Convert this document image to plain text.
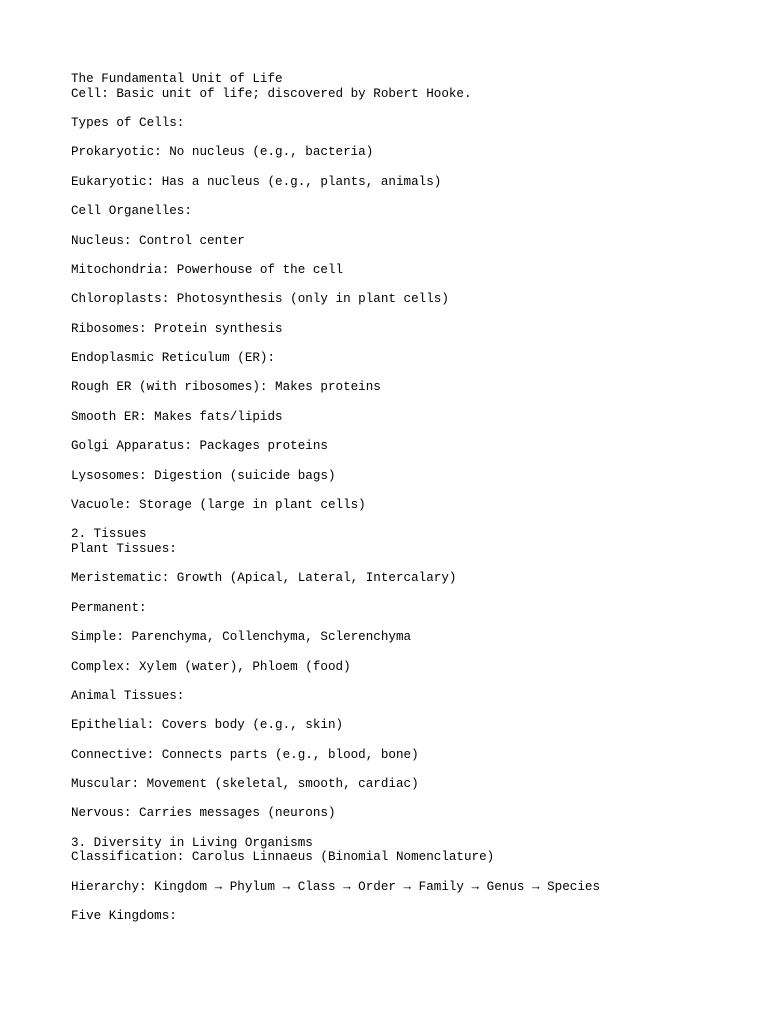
The Fundamental Unit of Life
Cell: Basic unit of life; discovered by Robert Hooke.
Types of Cells:
Prokaryotic: No nucleus (e.g., bacteria)
Eukaryotic: Has a nucleus (e.g., plants, animals)
Cell Organelles:
Nucleus: Control center
Mitochondria: Powerhouse of the cell
Chloroplasts: Photosynthesis (only in plant cells)
Ribosomes: Protein synthesis
Endoplasmic Reticulum (ER):
Rough ER (with ribosomes): Makes proteins
Smooth ER: Makes fats/lipids
Golgi Apparatus: Packages proteins
Lysosomes: Digestion (suicide bags)
Vacuole: Storage (large in plant cells)
2. Tissues
Plant Tissues:
Meristematic: Growth (Apical, Lateral, Intercalary)
Permanent:
Simple: Parenchyma, Collenchyma, Sclerenchyma
Complex: Xylem (water), Phloem (food)
Animal Tissues:
Epithelial: Covers body (e.g., skin)
Connective: Connects parts (e.g., blood, bone)
Muscular: Movement (skeletal, smooth, cardiac)
Nervous: Carries messages (neurons)
3. Diversity in Living Organisms
Classification: Carolus Linnaeus (Binomial Nomenclature)
Hierarchy: Kingdom → Phylum → Class → Order → Family → Genus → Species
Five Kingdoms:
